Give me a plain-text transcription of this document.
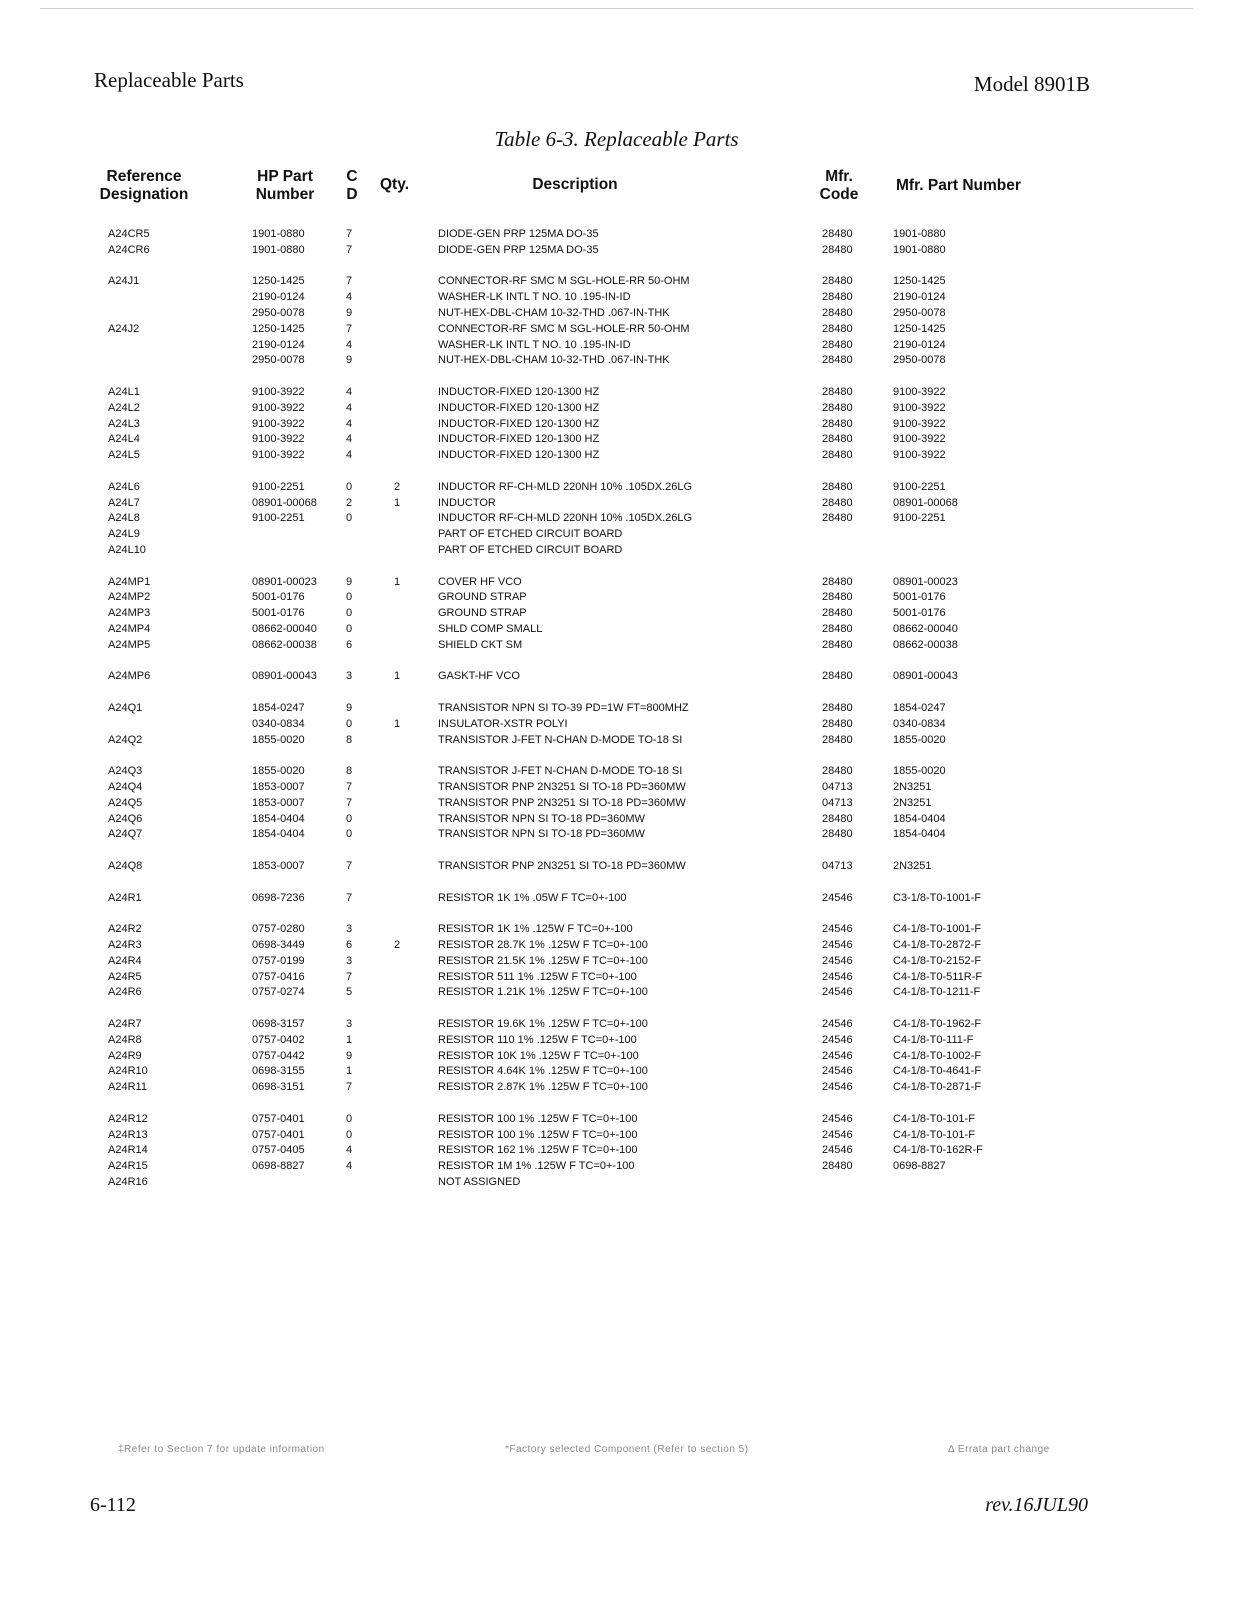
Replaceable Parts	Model 8901B
Table 6-3. Replaceable Parts
Reference
Designation
HP Part
Number
C
D
Qty.	Description	Mfr.
Code
Mfr. Part Number
A24CR5	1901-0880	7	DIODE-GEN PRP 125MA DO-35	28480	1901-0880
A24CR6	1901-0880	7	DIODE-GEN PRP 125MA DO-35	28480	1901-0880
A24J1	1250-1425	7	CONNECTOR-RF SMC M SGL-HOLE-RR 50-OHM	28480	1250-1425
2190-0124	4	WASHER-LK INTL T NO. 10 .195-IN-ID	28480	2190-0124
2950-0078	9	NUT-HEX-DBL-CHAM 10-32-THD .067-IN-THK	28480	2950-0078
A24J2	1250-1425	7	CONNECTOR-RF SMC M SGL-HOLE-RR 50-OHM	28480	1250-1425
2190-0124	4	WASHER-LK INTL T NO. 10 .195-IN-ID	28480	2190-0124
2950-0078	9	NUT-HEX-DBL-CHAM 10-32-THD .067-IN-THK	28480	2950-0078
A24L1	9100-3922	4	INDUCTOR-FIXED 120-1300 HZ	28480	9100-3922
A24L2	9100-3922	4	INDUCTOR-FIXED 120-1300 HZ	28480	9100-3922
A24L3	9100-3922	4	INDUCTOR-FIXED 120-1300 HZ	28480	9100-3922
A24L4	9100-3922	4	INDUCTOR-FIXED 120-1300 HZ	28480	9100-3922
A24L5	9100-3922	4	INDUCTOR-FIXED 120-1300 HZ	28480	9100-3922
A24L6	9100-2251	0	2	INDUCTOR RF-CH-MLD 220NH 10% .105DX.26LG	28480	9100-2251
A24L7	08901-00068	2	1	INDUCTOR	28480	08901-00068
A24L8	9100-2251	0	INDUCTOR RF-CH-MLD 220NH 10% .105DX.26LG	28480	9100-2251
A24L9	PART OF ETCHED CIRCUIT BOARD
A24L10	PART OF ETCHED CIRCUIT BOARD
A24MP1	08901-00023	9	1	COVER HF VCO	28480	08901-00023
A24MP2	5001-0176	0	GROUND STRAP	28480	5001-0176
A24MP3	5001-0176	0	GROUND STRAP	28480	5001-0176
A24MP4	08662-00040	0	SHLD COMP SMALL	28480	08662-00040
A24MP5	08662-00038	6	SHIELD CKT SM	28480	08662-00038
A24MP6	08901-00043	3	1	GASKT-HF VCO	28480	08901-00043
A24Q1	1854-0247	9	TRANSISTOR NPN SI TO-39 PD=1W FT=800MHZ	28480	1854-0247
0340-0834	0	1	INSULATOR-XSTR POLYI	28480	0340-0834
A24Q2	1855-0020	8	TRANSISTOR J-FET N-CHAN D-MODE TO-18 SI	28480	1855-0020
A24Q3	1855-0020	8	TRANSISTOR J-FET N-CHAN D-MODE TO-18 SI	28480	1855-0020
A24Q4	1853-0007	7	TRANSISTOR PNP 2N3251 SI TO-18 PD=360MW	04713	2N3251
A24Q5	1853-0007	7	TRANSISTOR PNP 2N3251 SI TO-18 PD=360MW	04713	2N3251
A24Q6	1854-0404	0	TRANSISTOR NPN SI TO-18 PD=360MW	28480	1854-0404
A24Q7	1854-0404	0	TRANSISTOR NPN SI TO-18 PD=360MW	28480	1854-0404
A24Q8	1853-0007	7	TRANSISTOR PNP 2N3251 SI TO-18 PD=360MW	04713	2N3251
A24R1	0698-7236	7	RESISTOR 1K 1% .05W F TC=0+-100	24546	C3-1/8-T0-1001-F
A24R2	0757-0280	3	RESISTOR 1K 1% .125W F TC=0+-100	24546	C4-1/8-T0-1001-F
A24R3	0698-3449	6	2	RESISTOR 28.7K 1% .125W F TC=0+-100	24546	C4-1/8-T0-2872-F
A24R4	0757-0199	3	RESISTOR 21.5K 1% .125W F TC=0+-100	24546	C4-1/8-T0-2152-F
A24R5	0757-0416	7	RESISTOR 511 1% .125W F TC=0+-100	24546	C4-1/8-T0-511R-F
A24R6	0757-0274	5	RESISTOR 1.21K 1% .125W F TC=0+-100	24546	C4-1/8-T0-1211-F
A24R7	0698-3157	3	RESISTOR 19.6K 1% .125W F TC=0+-100	24546	C4-1/8-T0-1962-F
A24R8	0757-0402	1	RESISTOR 110 1% .125W F TC=0+-100	24546	C4-1/8-T0-111-F
A24R9	0757-0442	9	RESISTOR 10K 1% .125W F TC=0+-100	24546	C4-1/8-T0-1002-F
A24R10	0698-3155	1	RESISTOR 4.64K 1% .125W F TC=0+-100	24546	C4-1/8-T0-4641-F
A24R11	0698-3151	7	RESISTOR 2.87K 1% .125W F TC=0+-100	24546	C4-1/8-T0-2871-F
A24R12	0757-0401	0	RESISTOR 100 1% .125W F TC=0+-100	24546	C4-1/8-T0-101-F
A24R13	0757-0401	0	RESISTOR 100 1% .125W F TC=0+-100	24546	C4-1/8-T0-101-F
A24R14	0757-0405	4	RESISTOR 162 1% .125W F TC=0+-100	24546	C4-1/8-T0-162R-F
A24R15	0698-8827	4	RESISTOR 1M 1% .125W F TC=0+-100	28480	0698-8827
A24R16	NOT ASSIGNED
‡Refer to Section 7 for update information	*Factory selected Component (Refer to section 5)	Δ Errata part change
6-112	rev.16JUL90
